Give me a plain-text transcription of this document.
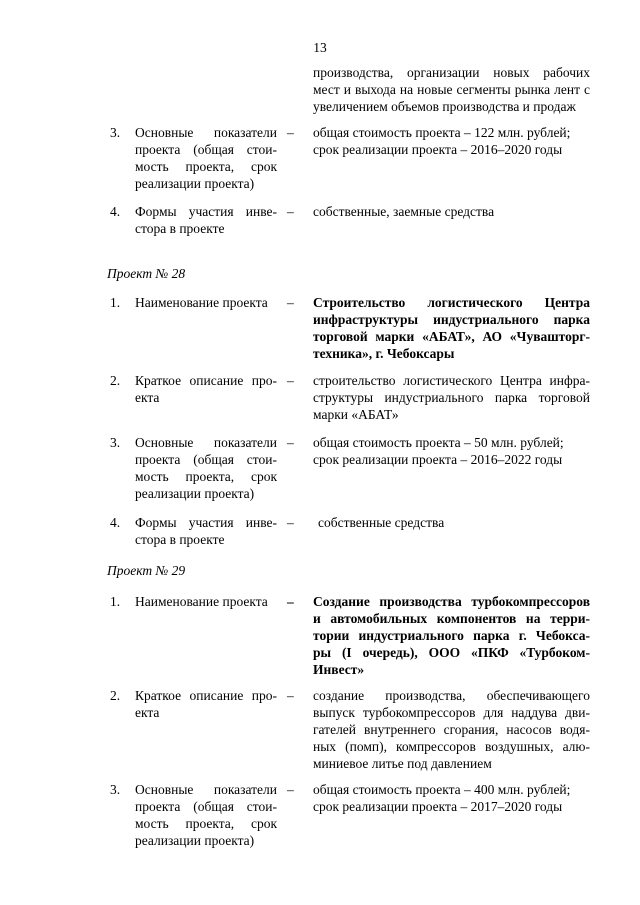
13
производства, организации новых рабочих
мест и выхода на новые сегменты рынка лент с
увеличением объемов производства и продаж
3. Основные показатели
проекта (общая стои-
мость проекта, срок
реализации проекта)
– общая стоимость проекта – 122 млн. рублей;
срок реализации проекта – 2016–2020 годы
4. Формы участия инве-
стора в проекте
– собственные, заемные средства
Проект № 28
1. Наименование проекта	– Строительство логистического Центра
инфраструктуры индустриального парка
торговой марки «АБАТ», АО «Чувашторг-
техника», г. Чебоксары
2. Краткое описание про-
екта
– строительство логистического Центра инфра-
структуры индустриального парка торговой
марки «АБАТ»
3. Основные показатели
проекта (общая стои-
мость проекта, срок
реализации проекта)
– общая стоимость проекта – 50 млн. рублей;
срок реализации проекта – 2016–2022 годы
4. Формы участия инве-
стора в проекте
– собственные средства
Проект № 29
1. Наименование проекта	– Создание производства турбокомпрессоров
и автомобильных компонентов на терри-
тории индустриального парка г. Чебокса-
ры (I очередь), ООО «ПКФ «Турбоком-
Инвест»
2. Краткое описание про-
екта
– создание производства, обеспечивающего
выпуск турбокомпрессоров для наддува дви-
гателей внутреннего сгорания, насосов водя-
ных (помп), компрессоров воздушных, алю-
миниевое литье под давлением
3. Основные показатели
проекта (общая стои-
мость проекта, срок
реализации проекта)
– общая стоимость проекта – 400 млн. рублей;
срок реализации проекта – 2017–2020 годы
